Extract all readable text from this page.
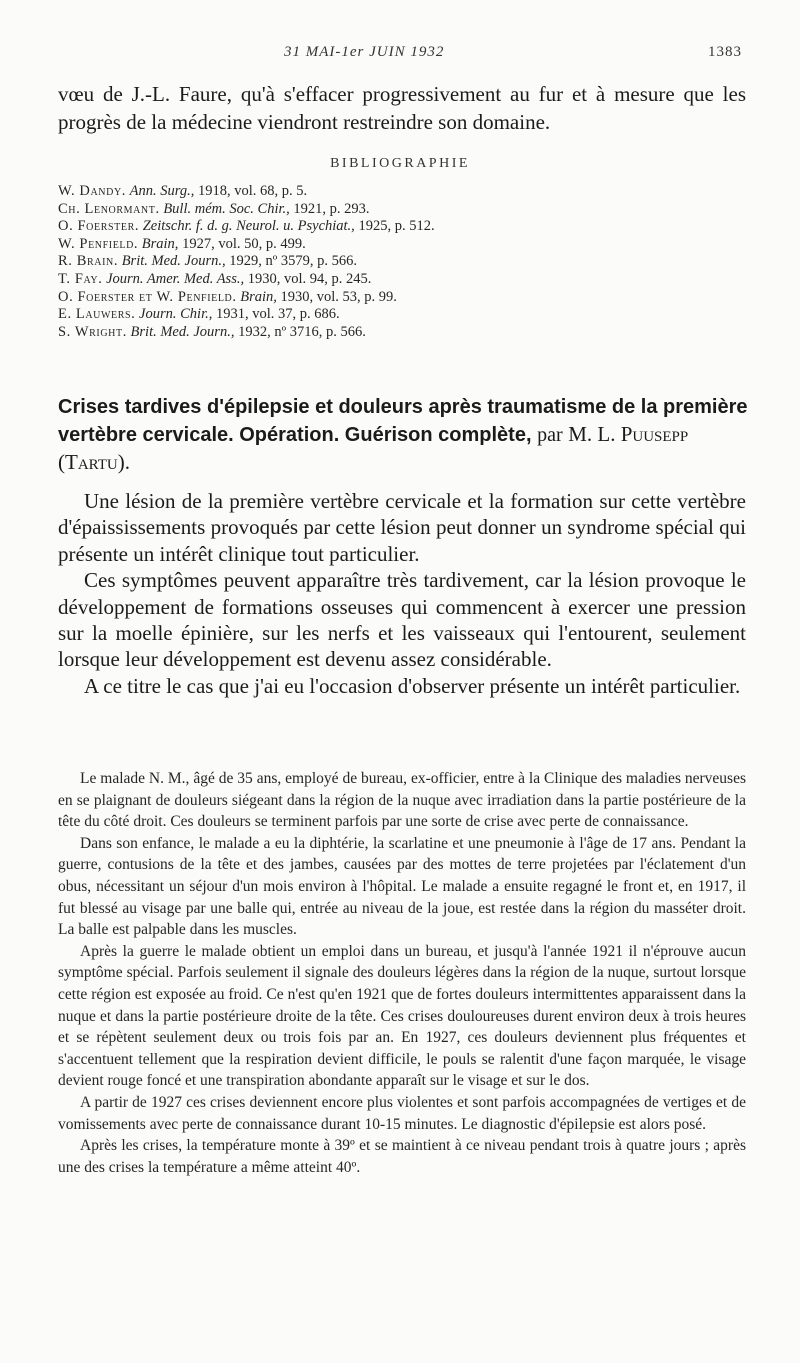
31 MAI-1er JUIN 1932	1383
vœu de J.-L. Faure, qu'à s'effacer progressivement au fur et à mesure que les progrès de la médecine viendront restreindre son domaine.
BIBLIOGRAPHIE
W. Dandy. Ann. Surg., 1918, vol. 68, p. 5.
Ch. Lenormant. Bull. mém. Soc. Chir., 1921, p. 293.
O. Foerster. Zeitschr. f. d. g. Neurol. u. Psychiat., 1925, p. 512.
W. Penfield. Brain, 1927, vol. 50, p. 499.
R. Brain. Brit. Med. Journ., 1929, nº 3579, p. 566.
T. Fay. Journ. Amer. Med. Ass., 1930, vol. 94, p. 245.
O. Foerster et W. Penfield. Brain, 1930, vol. 53, p. 99.
E. Lauwers. Journ. Chir., 1931, vol. 37, p. 686.
S. Wright. Brit. Med. Journ., 1932, nº 3716, p. 566.
Crises tardives d'épilepsie et douleurs après traumatisme de la première vertèbre cervicale. Opération. Guérison complète, par M. L. Puusepp (Tartu).

Une lésion de la première vertèbre cervicale et la formation sur cette vertèbre d'épaississements provoqués par cette lésion peut donner un syndrome spécial qui présente un intérêt clinique tout particulier.

Ces symptômes peuvent apparaître très tardivement, car la lésion provoque le développement de formations osseuses qui commencent à exercer une pression sur la moelle épinière, sur les nerfs et les vaisseaux qui l'entourent, seulement lorsque leur développement est devenu assez considérable.

A ce titre le cas que j'ai eu l'occasion d'observer présente un intérêt particulier.

Le malade N. M., âgé de 35 ans, employé de bureau, ex-officier, entre à la Clinique des maladies nerveuses en se plaignant de douleurs siégeant dans la région de la nuque avec irradiation dans la partie postérieure de la tête du côté droit. Ces douleurs se terminent parfois par une sorte de crise avec perte de connaissance.

Dans son enfance, le malade a eu la diphtérie, la scarlatine et une pneumonie à l'âge de 17 ans. Pendant la guerre, contusions de la tête et des jambes, causées par des mottes de terre projetées par l'éclatement d'un obus, nécessitant un séjour d'un mois environ à l'hôpital. Le malade a ensuite regagné le front et, en 1917, il fut blessé au visage par une balle qui, entrée au niveau de la joue, est restée dans la région du masséter droit. La balle est palpable dans les muscles.

Après la guerre le malade obtient un emploi dans un bureau, et jusqu'à l'année 1921 il n'éprouve aucun symptôme spécial. Parfois seulement il signale des douleurs légères dans la région de la nuque, surtout lorsque cette région est exposée au froid. Ce n'est qu'en 1921 que de fortes douleurs intermittentes apparaissent dans la nuque et dans la partie postérieure droite de la tête. Ces crises douloureuses durent environ deux à trois heures et se répètent seulement deux ou trois fois par an. En 1927, ces douleurs deviennent plus fréquentes et s'accentuent tellement que la respiration devient difficile, le pouls se ralentit d'une façon marquée, le visage devient rouge foncé et une transpiration abondante apparaît sur le visage et sur le dos.

A partir de 1927 ces crises deviennent encore plus violentes et sont parfois accompagnées de vertiges et de vomissements avec perte de connaissance durant 10-15 minutes. Le diagnostic d'épilepsie est alors posé.

Après les crises, la température monte à 39º et se maintient à ce niveau pendant trois à quatre jours ; après une des crises la température a même atteint 40º.
